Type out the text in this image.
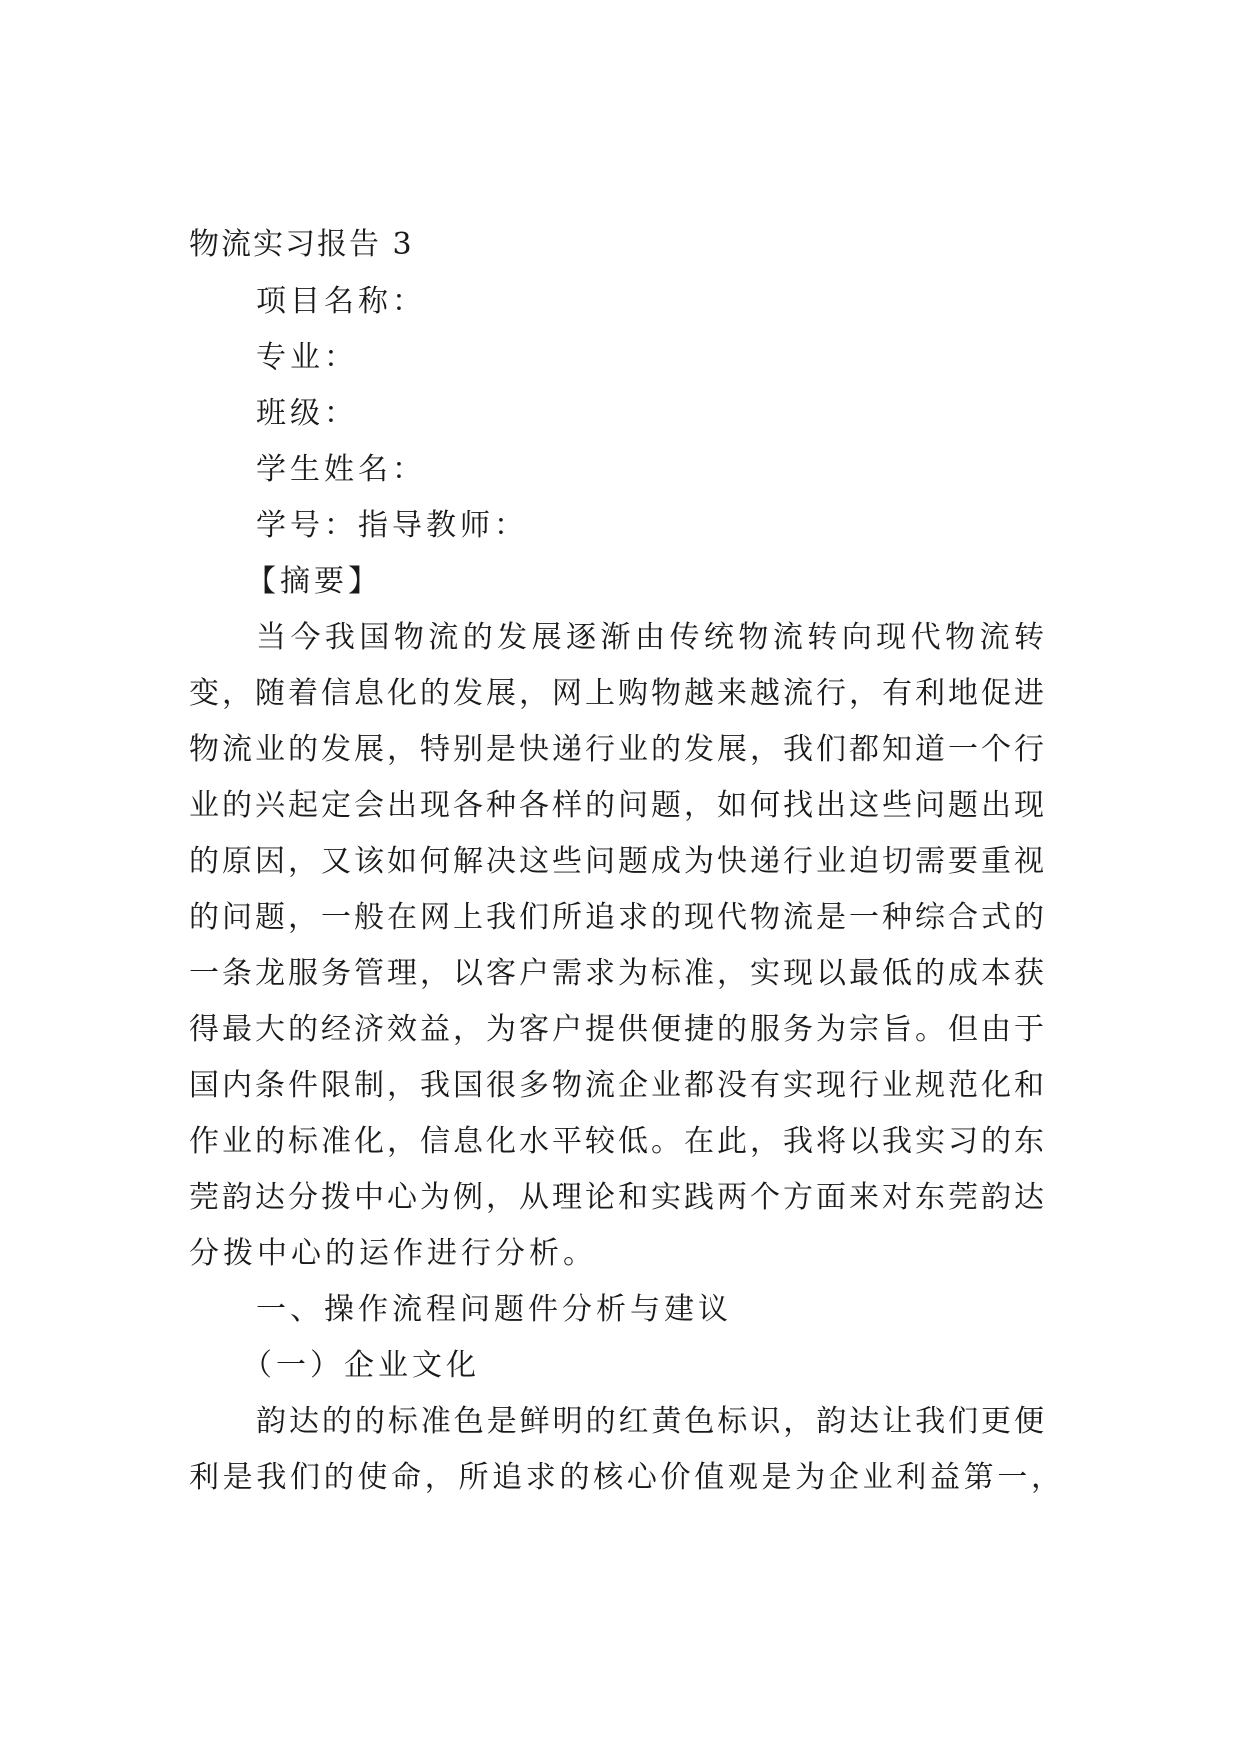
物流实习报告 3
项目名称：
专业：
班级：
学生姓名：
学号：指导教师：
【摘要】
当今我国物流的发展逐渐由传统物流转向现代物流转
变，随着信息化的发展，网上购物越来越流行，有利地促进
物流业的发展，特别是快递行业的发展，我们都知道一个行
业的兴起定会出现各种各样的问题，如何找出这些问题出现
的原因，又该如何解决这些问题成为快递行业迫切需要重视
的问题，一般在网上我们所追求的现代物流是一种综合式的
一条龙服务管理，以客户需求为标准，实现以最低的成本获
得最大的经济效益，为客户提供便捷的服务为宗旨。但由于
国内条件限制，我国很多物流企业都没有实现行业规范化和
作业的标准化，信息化水平较低。在此，我将以我实习的东
莞韵达分拨中心为例，从理论和实践两个方面来对东莞韵达
分拨中心的运作进行分析。
一、操作流程问题件分析与建议
（一）企业文化
韵达的的标准色是鲜明的红黄色标识，韵达让我们更便
利是我们的使命，所追求的核心价值观是为企业利益第一，
